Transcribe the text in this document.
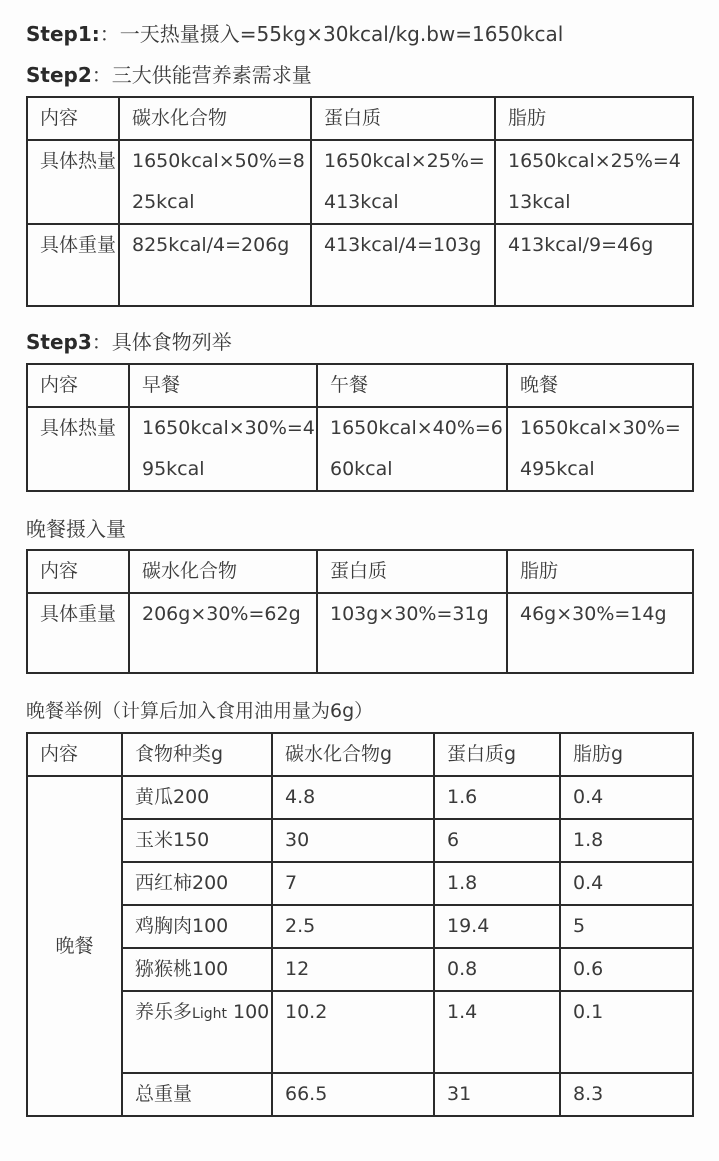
Step1:：一天热量摄入=55kg×30kcal/kg.bw=1650kcal
Step2：三大供能营养素需求量
内容	碳水化合物	蛋白质	脂肪
具体热量	1650kcal×50%=825kcal	1650kcal×25%=413kcal	1650kcal×25%=413kcal
具体重量	825kcal/4=206g	413kcal/4=103g	413kcal/9=46g
Step3：具体食物列举
内容	早餐	午餐	晚餐
具体热量	1650kcal×30%=495kcal	1650kcal×40%=660kcal	1650kcal×30%=495kcal
晚餐摄入量
内容	碳水化合物	蛋白质	脂肪
具体重量	206g×30%=62g	103g×30%=31g	46g×30%=14g
晚餐举例（计算后加入食用油用量为6g）
内容	食物种类g	碳水化合物g	蛋白质g	脂肪g
晚餐	黄瓜200	4.8	1.6	0.4
	玉米150	30	6	1.8
	西红柿200	7	1.8	0.4
	鸡胸肉100	2.5	19.4	5
	猕猴桃100	12	0.8	0.6
	养乐多Light 100	10.2	1.4	0.1
	总重量	66.5	31	8.3
